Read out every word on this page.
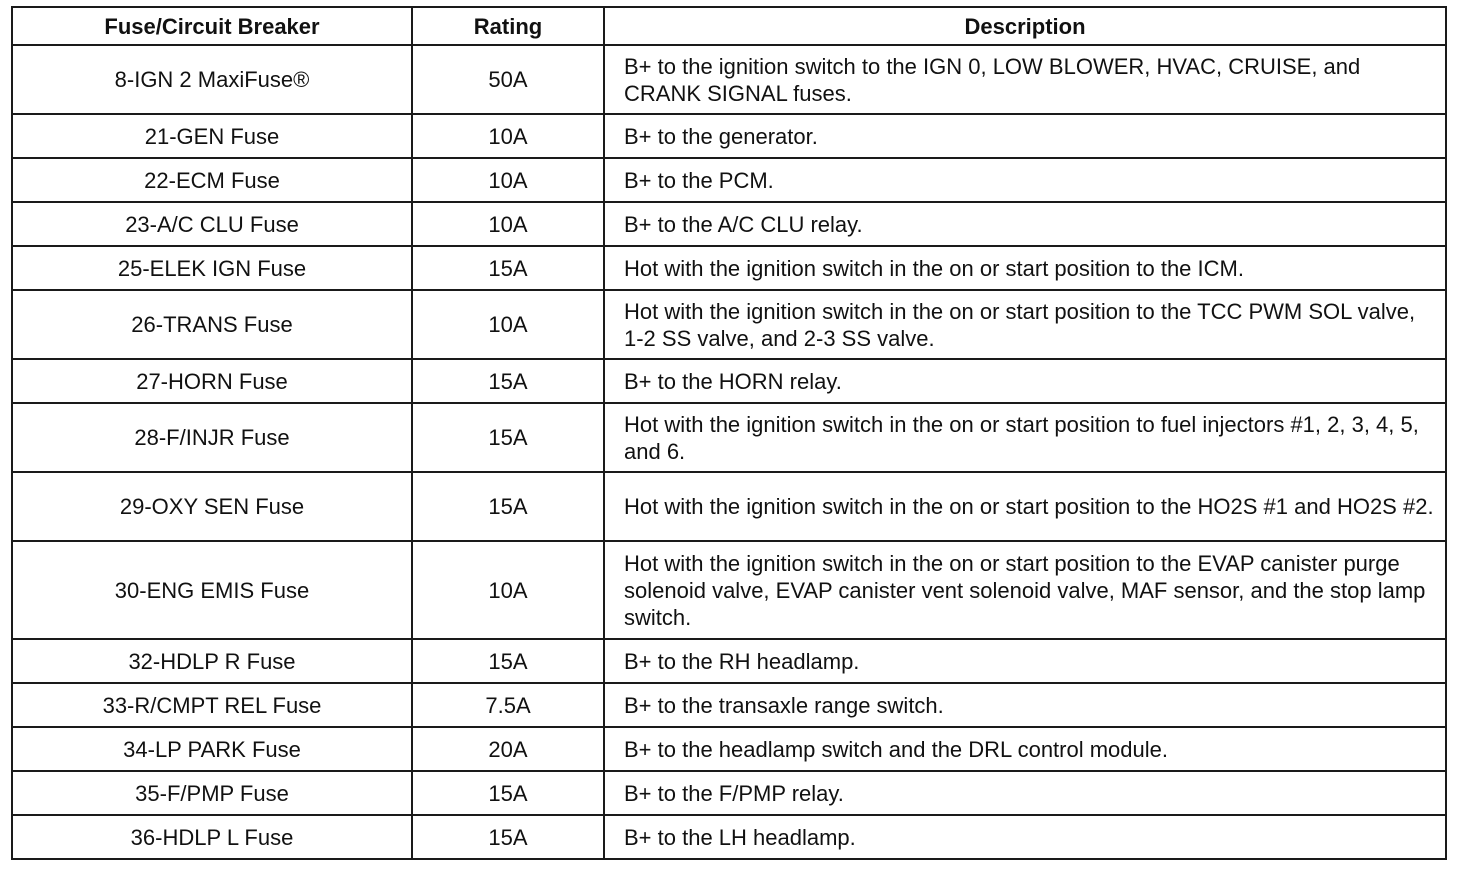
Fuse/Circuit Breaker	Rating	Description
8-IGN 2 MaxiFuse®	50A	B+ to the ignition switch to the IGN 0, LOW BLOWER, HVAC, CRUISE, and CRANK SIGNAL fuses.
21-GEN Fuse	10A	B+ to the generator.
22-ECM Fuse	10A	B+ to the PCM.
23-A/C CLU Fuse	10A	B+ to the A/C CLU relay.
25-ELEK IGN Fuse	15A	Hot with the ignition switch in the on or start position to the ICM.
26-TRANS Fuse	10A	Hot with the ignition switch in the on or start position to the TCC PWM SOL valve, 1-2 SS valve, and 2-3 SS valve.
27-HORN Fuse	15A	B+ to the HORN relay.
28-F/INJR Fuse	15A	Hot with the ignition switch in the on or start position to fuel injectors #1, 2, 3, 4, 5, and 6.
29-OXY SEN Fuse	15A	Hot with the ignition switch in the on or start position to the HO2S #1 and HO2S #2.
30-ENG EMIS Fuse	10A	Hot with the ignition switch in the on or start position to the EVAP canister purge solenoid valve, EVAP canister vent solenoid valve, MAF sensor, and the stop lamp switch.
32-HDLP R Fuse	15A	B+ to the RH headlamp.
33-R/CMPT REL Fuse	7.5A	B+ to the transaxle range switch.
34-LP PARK Fuse	20A	B+ to the headlamp switch and the DRL control module.
35-F/PMP Fuse	15A	B+ to the F/PMP relay.
36-HDLP L Fuse	15A	B+ to the LH headlamp.
